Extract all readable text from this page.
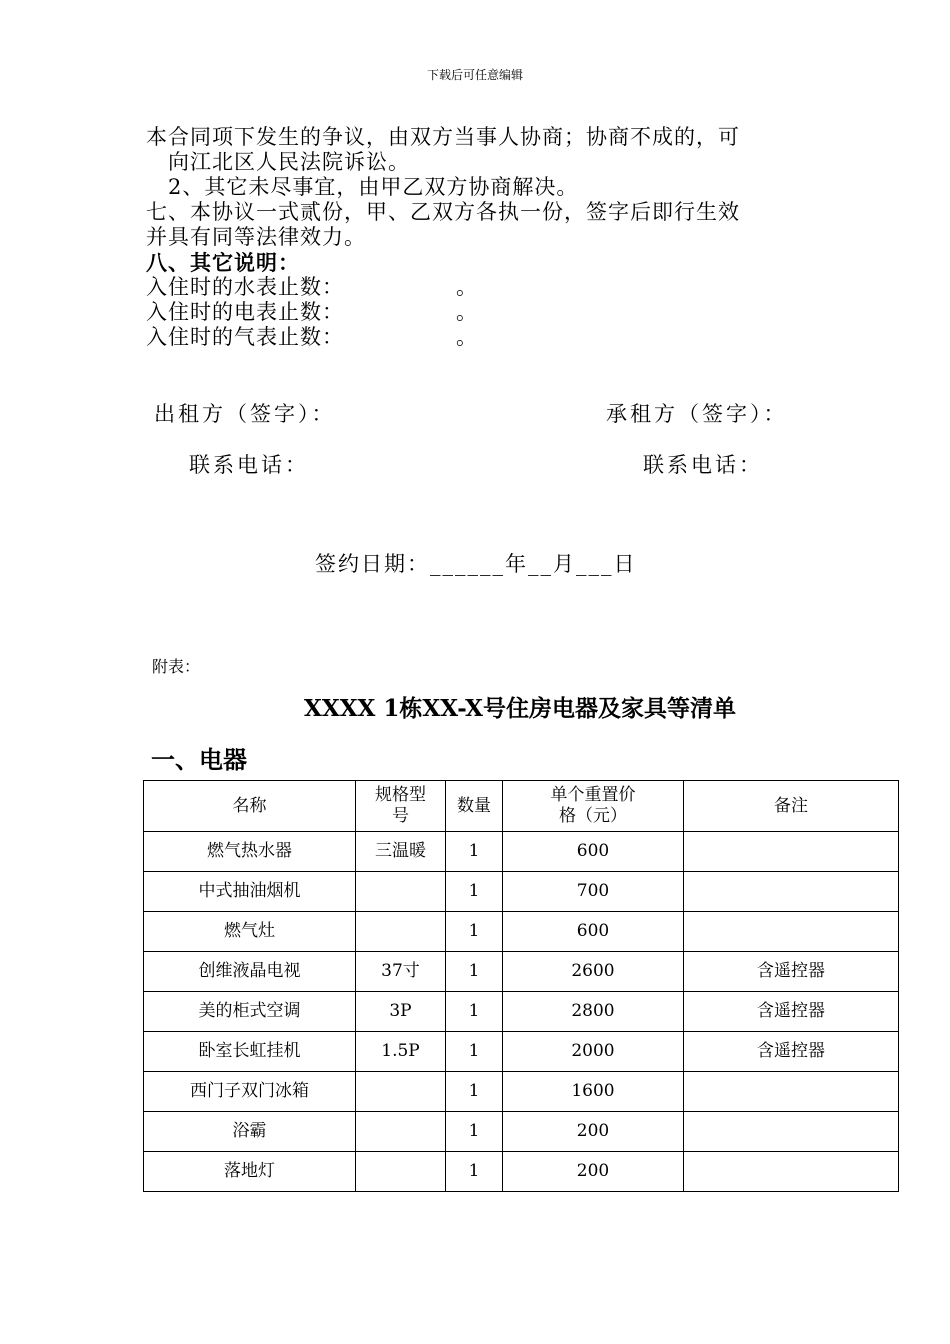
下载后可任意编辑
本合同项下发生的争议，由双方当事人协商；协商不成的，可
向江北区人民法院诉讼。
2、其它未尽事宜，由甲乙双方协商解决。
七、本协议一式贰份，甲、乙双方各执一份，签字后即行生效
并具有同等法律效力。
八、其它说明：
入住时的水表止数：	。
入住时的电表止数：	。
入住时的气表止数：	。
出租方（签字）：	承租方（签字）：
联系电话：	联系电话：
签约日期：______年__月___日
附表：
XXXX 1栋XX-X号住房电器及家具等清单
一、电器
名称	规格型号	数量	单个重置价格（元）	备注
燃气热水器	三温暖	1	600	
中式抽油烟机		1	700	
燃气灶		1	600	
创维液晶电视	37寸	1	2600	含遥控器
美的柜式空调	3P	1	2800	含遥控器
卧室长虹挂机	1.5P	1	2000	含遥控器
西门子双门冰箱		1	1600	
浴霸		1	200	
落地灯		1	200	
